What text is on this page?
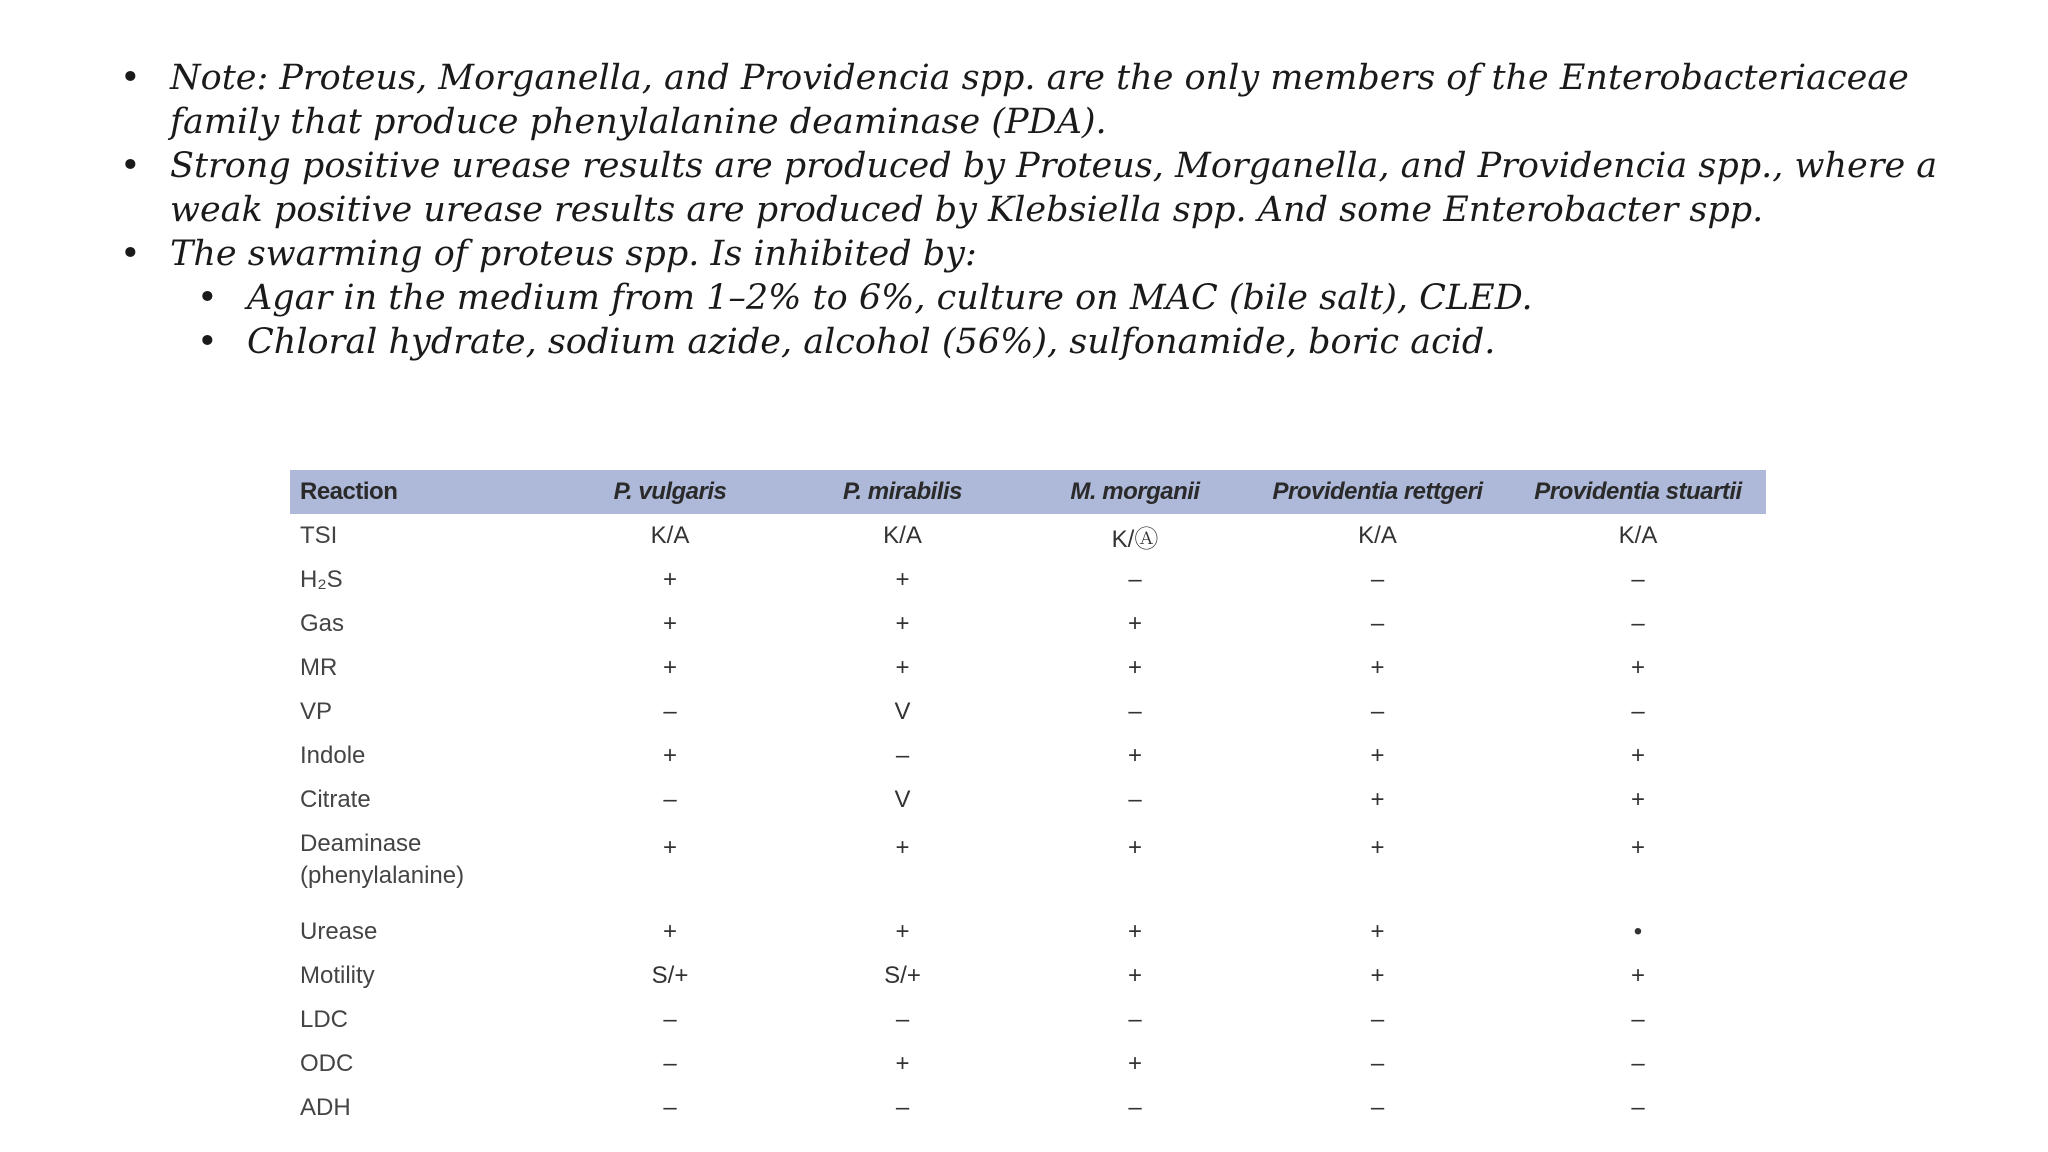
• Note: Proteus, Morganella, and Providencia spp. are the only members of the Enterobacteriaceae family that produce phenylalanine deaminase (PDA).
• Strong positive urease results are produced by Proteus, Morganella, and Providencia spp., where a weak positive urease results are produced by Klebsiella spp. And some Enterobacter spp.
• The swarming of proteus spp. Is inhibited by:
• Agar in the medium from 1–2% to 6%, culture on MAC (bile salt), CLED.
• Chloral hydrate, sodium azide, alcohol (56%), sulfonamide, boric acid.
Reaction	P. vulgaris	P. mirabilis	M. morganii	Providentia rettgeri	Providentia stuartii
TSI	K/A	K/A	K/Ⓐ	K/A	K/A
H₂S	+	+	–	–	–
Gas	+	+	+	–	–
MR	+	+	+	+	+
VP	–	V	–	–	–
Indole	+	–	+	+	+
Citrate	–	V	–	+	+
Deaminase (phenylalanine)	+	+	+	+	+
Urease	+	+	+	+	•
Motility	S/+	S/+	+	+	+
LDC	–	–	–	–	–
ODC	–	+	+	–	–
ADH	–	–	–	–	–
